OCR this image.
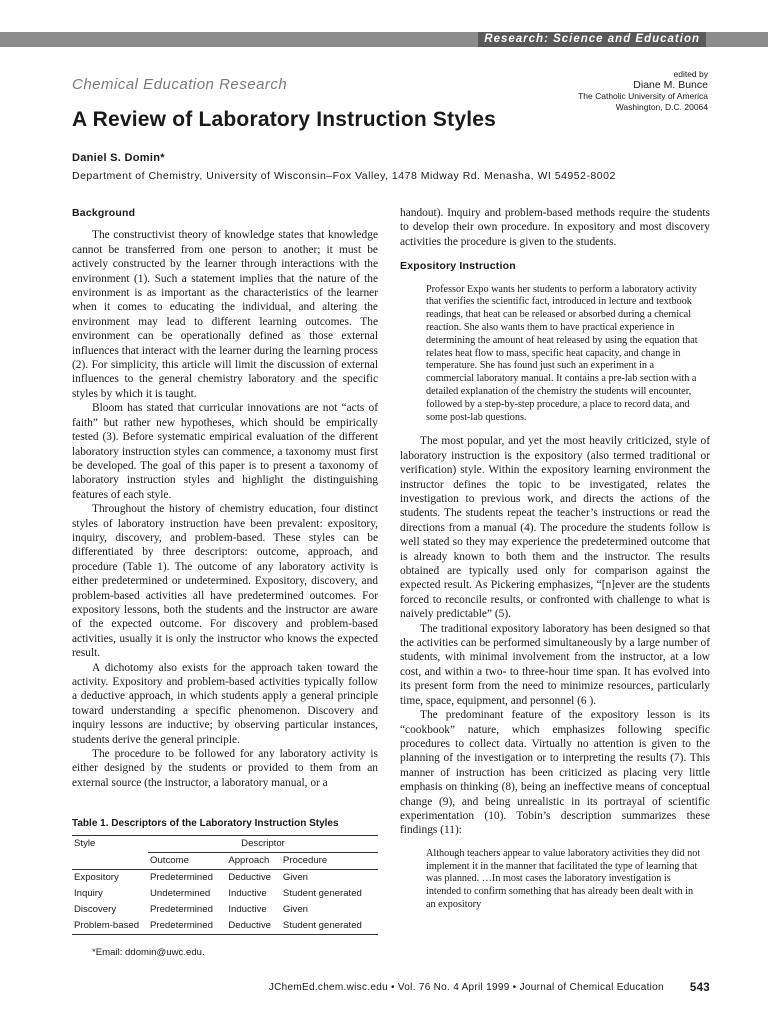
Research: Science and Education
Chemical Education Research
edited by
Diane M. Bunce
The Catholic University of America
Washington, D.C. 20064
A Review of Laboratory Instruction Styles
Daniel S. Domin*
Department of Chemistry, University of Wisconsin–Fox Valley, 1478 Midway Rd. Menasha, WI 54952-8002
Background

The constructivist theory of knowledge states that knowledge cannot be transferred from one person to another; it must be actively constructed by the learner through interactions with the environment (1). Such a statement implies that the nature of the environment is as important as the characteristics of the learner when it comes to educating the individual, and altering the environment may lead to different learning outcomes. The environment can be operationally defined as those external influences that interact with the learner during the learning process (2). For simplicity, this article will limit the discussion of external influences to the general chemistry laboratory and the specific styles by which it is taught.

Bloom has stated that curricular innovations are not “acts of faith” but rather new hypotheses, which should be empirically tested (3). Before systematic empirical evaluation of the different laboratory instruction styles can commence, a taxonomy must first be developed. The goal of this paper is to present a taxonomy of laboratory instruction styles and highlight the distinguishing features of each style.

Throughout the history of chemistry education, four distinct styles of laboratory instruction have been prevalent: expository, inquiry, discovery, and problem-based. These styles can be differentiated by three descriptors: outcome, approach, and procedure (Table 1). The outcome of any laboratory activity is either predetermined or undetermined. Expository, discovery, and problem-based activities all have predetermined outcomes. For expository lessons, both the students and the instructor are aware of the expected outcome. For discovery and problem-based activities, usually it is only the instructor who knows the expected result.

A dichotomy also exists for the approach taken toward the activity. Expository and problem-based activities typically follow a deductive approach, in which students apply a general principle toward understanding a specific phenomenon. Discovery and inquiry lessons are inductive; by observing particular instances, students derive the general principle.

The procedure to be followed for any laboratory activity is either designed by the students or provided to them from an external source (the instructor, a laboratory manual, or a

handout). Inquiry and problem-based methods require the students to develop their own procedure. In expository and most discovery activities the procedure is given to the students.

Expository Instruction

Professor Expo wants her students to perform a laboratory activity that verifies the scientific fact, introduced in lecture and textbook readings, that heat can be released or absorbed during a chemical reaction. She also wants them to have practical experience in determining the amount of heat released by using the equation that relates heat flow to mass, specific heat capacity, and change in temperature. She has found just such an experiment in a commercial laboratory manual. It contains a pre-lab section with a detailed explanation of the chemistry the students will encounter, followed by a step-by-step procedure, a place to record data, and some post-lab questions.

The most popular, and yet the most heavily criticized, style of laboratory instruction is the expository (also termed traditional or verification) style. Within the expository learning environment the instructor defines the topic to be investigated, relates the investigation to previous work, and directs the actions of the students. The students repeat the teacher’s instructions or read the directions from a manual (4). The procedure the students follow is well stated so they may experience the predetermined outcome that is already known to both them and the instructor. The results obtained are typically used only for comparison against the expected result. As Pickering emphasizes, “[n]ever are the students forced to reconcile results, or confronted with challenge to what is naively predictable” (5).

The traditional expository laboratory has been designed so that the activities can be performed simultaneously by a large number of students, with minimal involvement from the instructor, at a low cost, and within a two- to three-hour time span. It has evolved into its present form from the need to minimize resources, particularly time, space, equipment, and personnel (6 ).

The predominant feature of the expository lesson is its “cookbook” nature, which emphasizes following specific procedures to collect data. Virtually no attention is given to the planning of the investigation or to interpreting the results (7). This manner of instruction has been criticized as placing very little emphasis on thinking (8), being an ineffective means of conceptual change (9), and being unrealistic in its portrayal of scientific experimentation (10). Tobin’s description summarizes these findings (11):

Although teachers appear to value laboratory activities they did not implement it in the manner that facilitated the type of learning that was planned. …In most cases the laboratory investigation is intended to confirm something that has already been dealt with in an expository

Table 1. Descriptors of the Laboratory Instruction Styles
Style	Descriptor		
	Outcome	Approach	Procedure
Expository	Predetermined	Deductive	Given
Inquiry	Undetermined	Inductive	Student generated
Discovery	Predetermined	Inductive	Given
Problem-based	Predetermined	Deductive	Student generated
*Email: ddomin@uwc.edu.
JChemEd.chem.wisc.edu • Vol. 76 No. 4 April 1999 • Journal of Chemical Education 543
